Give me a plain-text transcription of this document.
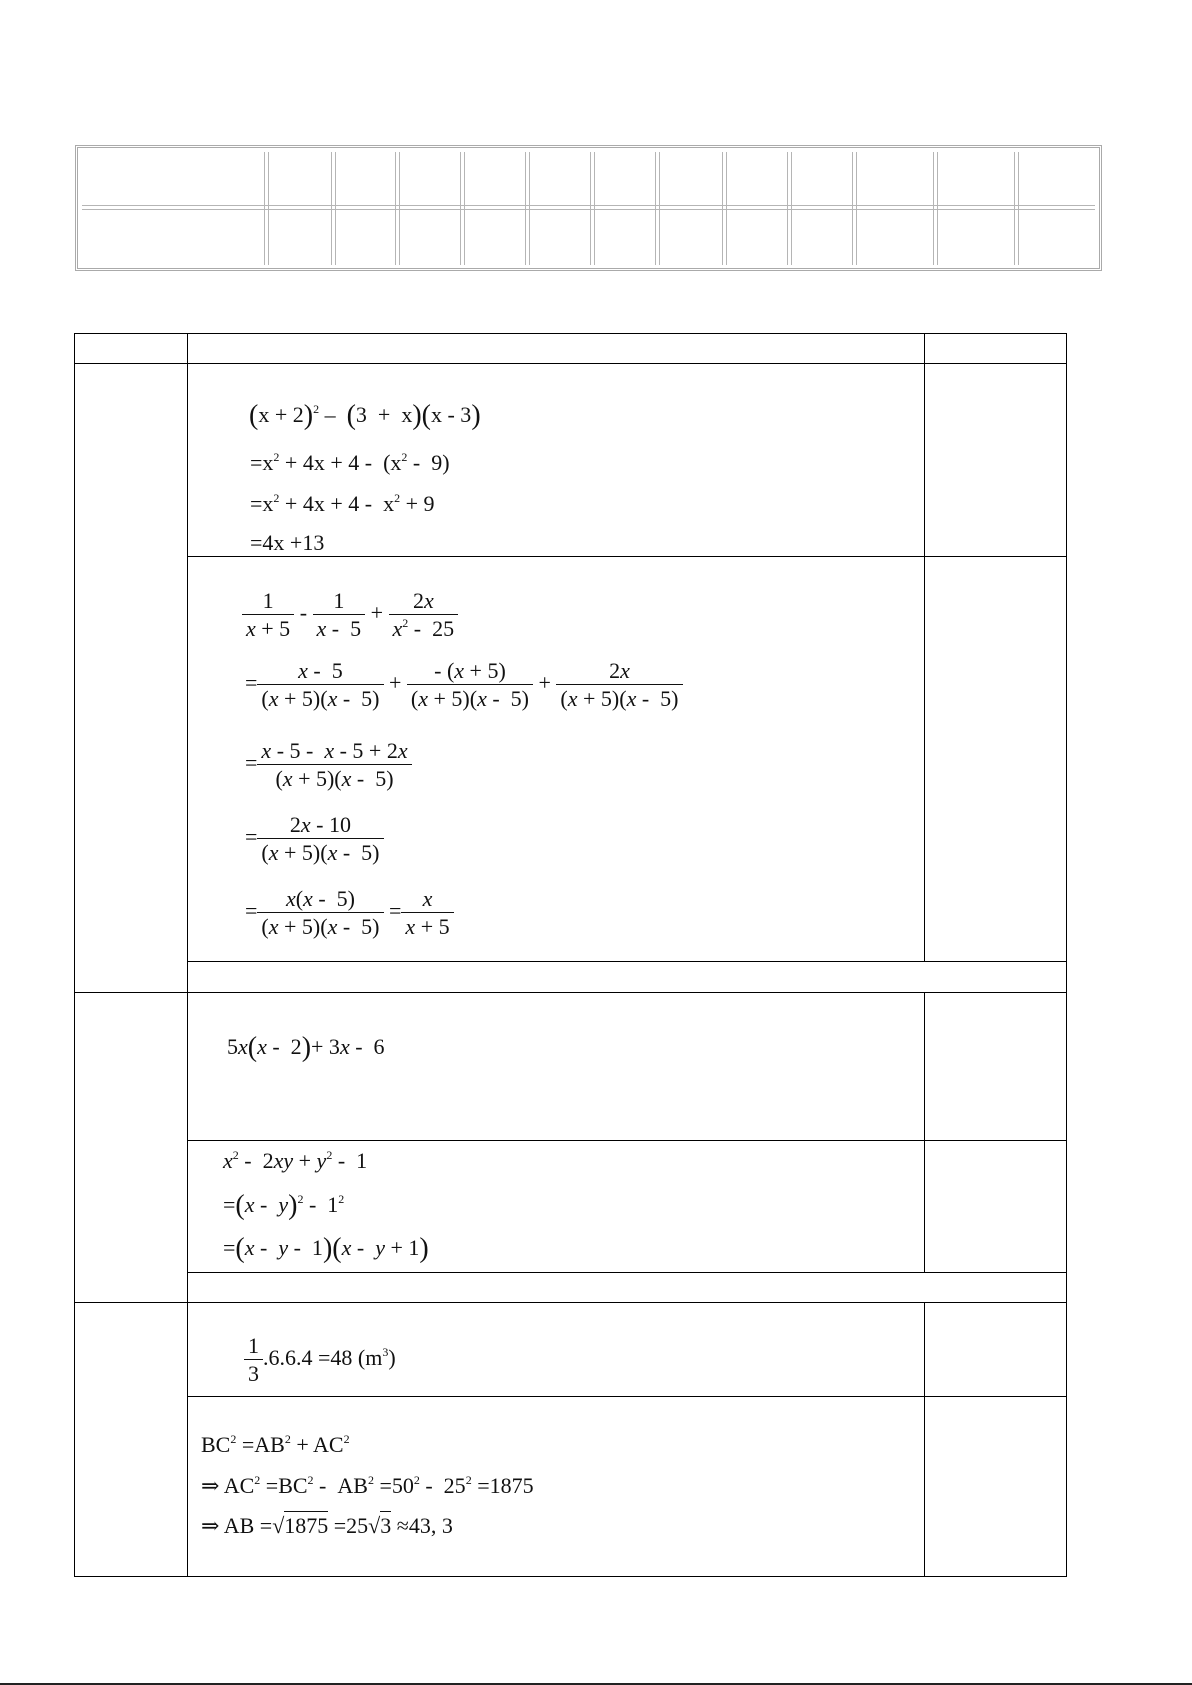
$(x + 2)^2 - (3 + x)(x - 3)$
$=x^2 + 4x + 4 - (x^2 - 9)$
$=x^2 + 4x + 4 - x^2 + 9$
=4x +13
$\frac{1}{x + 5} - \frac{1}{x - 5} + \frac{2x}{x^2 - 25}$
= $\frac{x - 5}{(x + 5)(x - 5)} + \frac{- (x + 5)}{(x + 5)(x - 5)} + \frac{2x}{(x + 5)(x - 5)}$
= $\frac{x - 5 - x - 5 + 2x}{(x + 5)(x - 5)}$
= $\frac{2x - 10}{(x + 5)(x - 5)}$
= $\frac{x(x - 5)}{(x + 5)(x - 5)} = \frac{x}{x + 5}$
5x(x -  2)+ 3x -  6
$x^2 - 2xy + y^2 - 1$
$=(x - y)^2 - 1^2$
=(x -  y -  1)(x -  y + 1)
$\frac{1}{3} .6.6.4 =48$ $(m^3)$
$BC^2 =AB^2 + AC^2$
⇒ $AC^2 =BC^2 - AB^2 =50^2 - 25^2 =1875$
⇒ AB =√1875 =25√3 ≈43, 3
